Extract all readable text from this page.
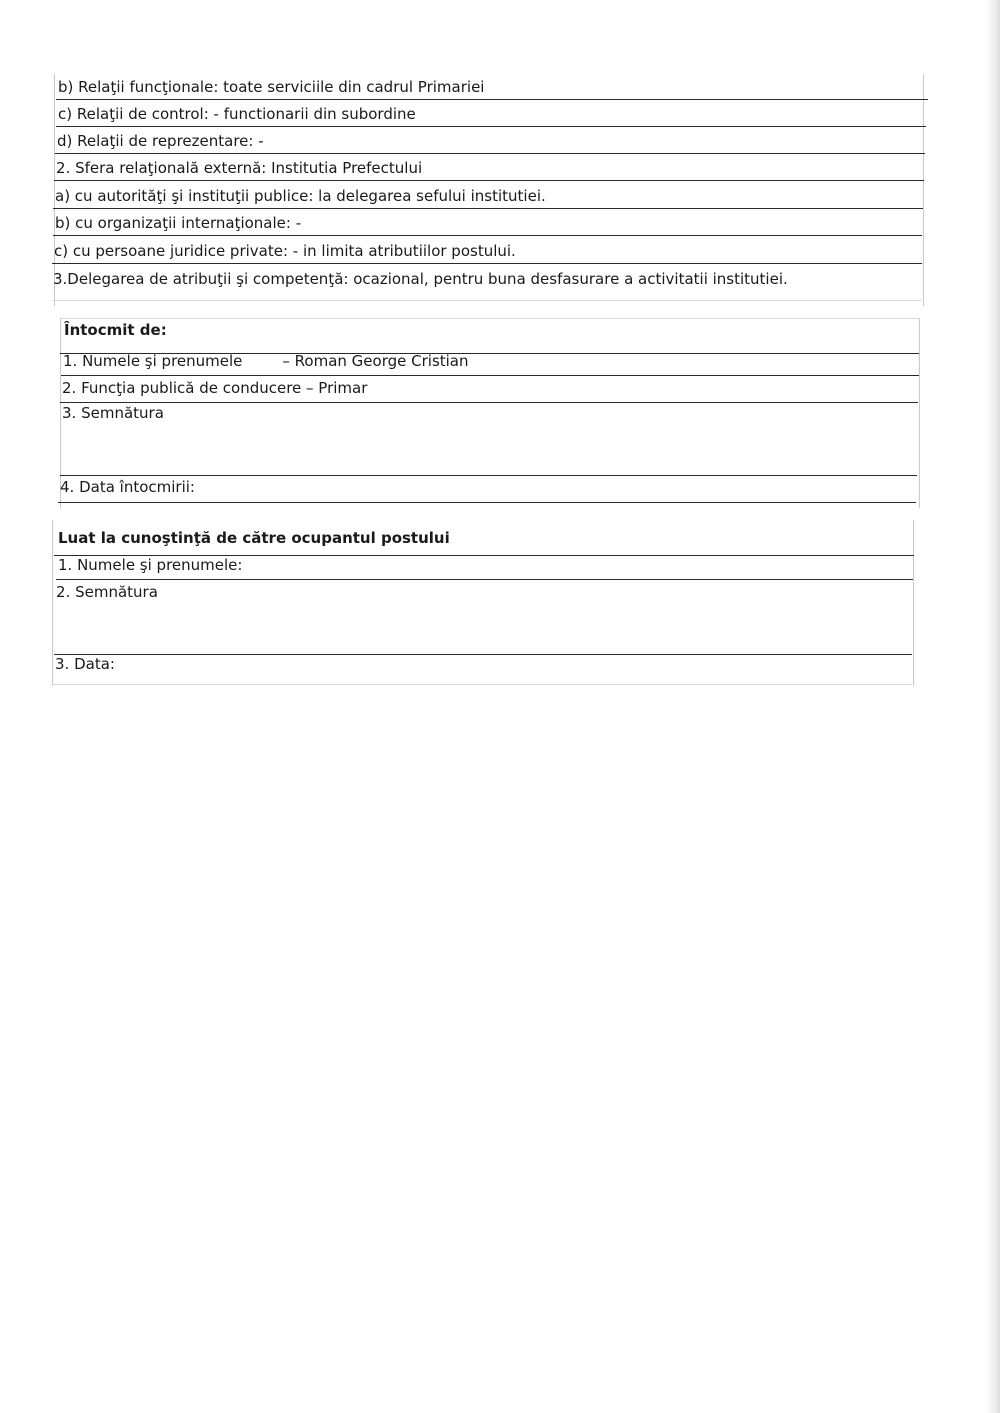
b) Relaţii funcţionale: toate serviciile din cadrul Primariei
c) Relaţii de control: - functionarii din subordine
d) Relaţii de reprezentare: -
2. Sfera relaţională externă: Institutia Prefectului
a) cu autorităţi şi instituţii publice: la delegarea sefului institutiei.
b) cu organizaţii internaţionale: -
c) cu persoane juridice private: - in limita atributiilor postului.
3.Delegarea de atribuţii şi competenţă: ocazional, pentru buna desfasurare a activitatii institutiei.
Întocmit de:
1. Numele şi prenumele	– Roman George Cristian
2. Funcţia publică de conducere – Primar
3. Semnătura
4. Data întocmirii:
Luat la cunoştinţă de către ocupantul postului
1. Numele şi prenumele:
2. Semnătura
3. Data:
